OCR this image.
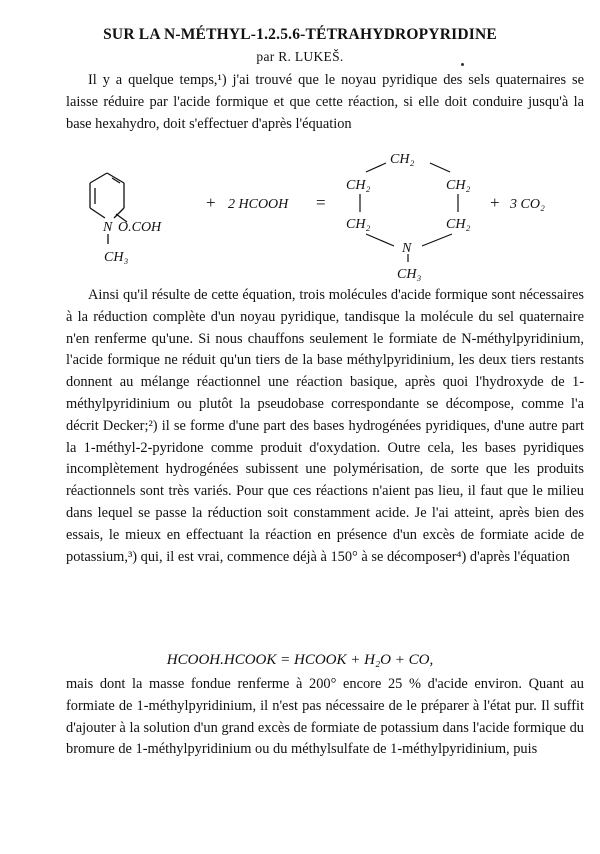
SUR LA N-MÉTHYL-1.2.5.6-TÉTRAHYDROPYRIDINE
par R. LUKEŠ.
Il y a quelque temps,¹) j'ai trouvé que le noyau pyridique des sels quaternaires se laisse réduire par l'acide formique et que cette réaction, si elle doit conduire jusqu'à la base hexahydro, doit s'effectuer d'après l'équation
N O.COH
CH₃
+ 2 HCOOH =
CH₂
CH₂	CH₂
CH₂	CH₂
N
CH₃
+ 3 CO₂
Ainsi qu'il résulte de cette équation, trois molécules d'acide formique sont nécessaires à la réduction complète d'un noyau pyridique, tandisque la molécule du sel quaternaire n'en renferme qu'une. Si nous chauffons seulement le formiate de N-méthylpyridinium, l'acide formique ne réduit qu'un tiers de la base méthylpyridinium, les deux tiers restants donnent au mélange réactionnel une réaction basique, après quoi l'hydroxyde de 1-méthylpyridinium ou plutôt la pseudobase correspondante se décompose, comme l'a décrit Decker;²) il se forme d'une part des bases hydrogénées pyridiques, d'une autre part la 1-méthyl-2-pyridone comme produit d'oxydation. Outre cela, les bases pyridiques incomplètement hydrogénées subissent une polymérisation, de sorte que les produits réactionnels sont très variés. Pour que ces réactions n'aient pas lieu, il faut que le milieu dans lequel se passe la réduction soit constamment acide. Je l'ai atteint, après bien des essais, le mieux en effectuant la réaction en présence d'un excès de formiate acide de potassium,³) qui, il est vrai, commence déjà à 150° à se décomposer⁴) d'après l'équation
HCOOH.HCOOK = HCOOK + H₂O + CO,
mais dont la masse fondue renferme à 200° encore 25 % d'acide environ. Quant au formiate de 1-méthylpyridinium, il n'est pas nécessaire de le préparer à l'état pur. Il suffit d'ajouter à la solution d'un grand excès de formiate de potassium dans l'acide formique du bromure de 1-méthylpyridinium ou du méthylsulfate de 1-méthylpyridinium, puis
